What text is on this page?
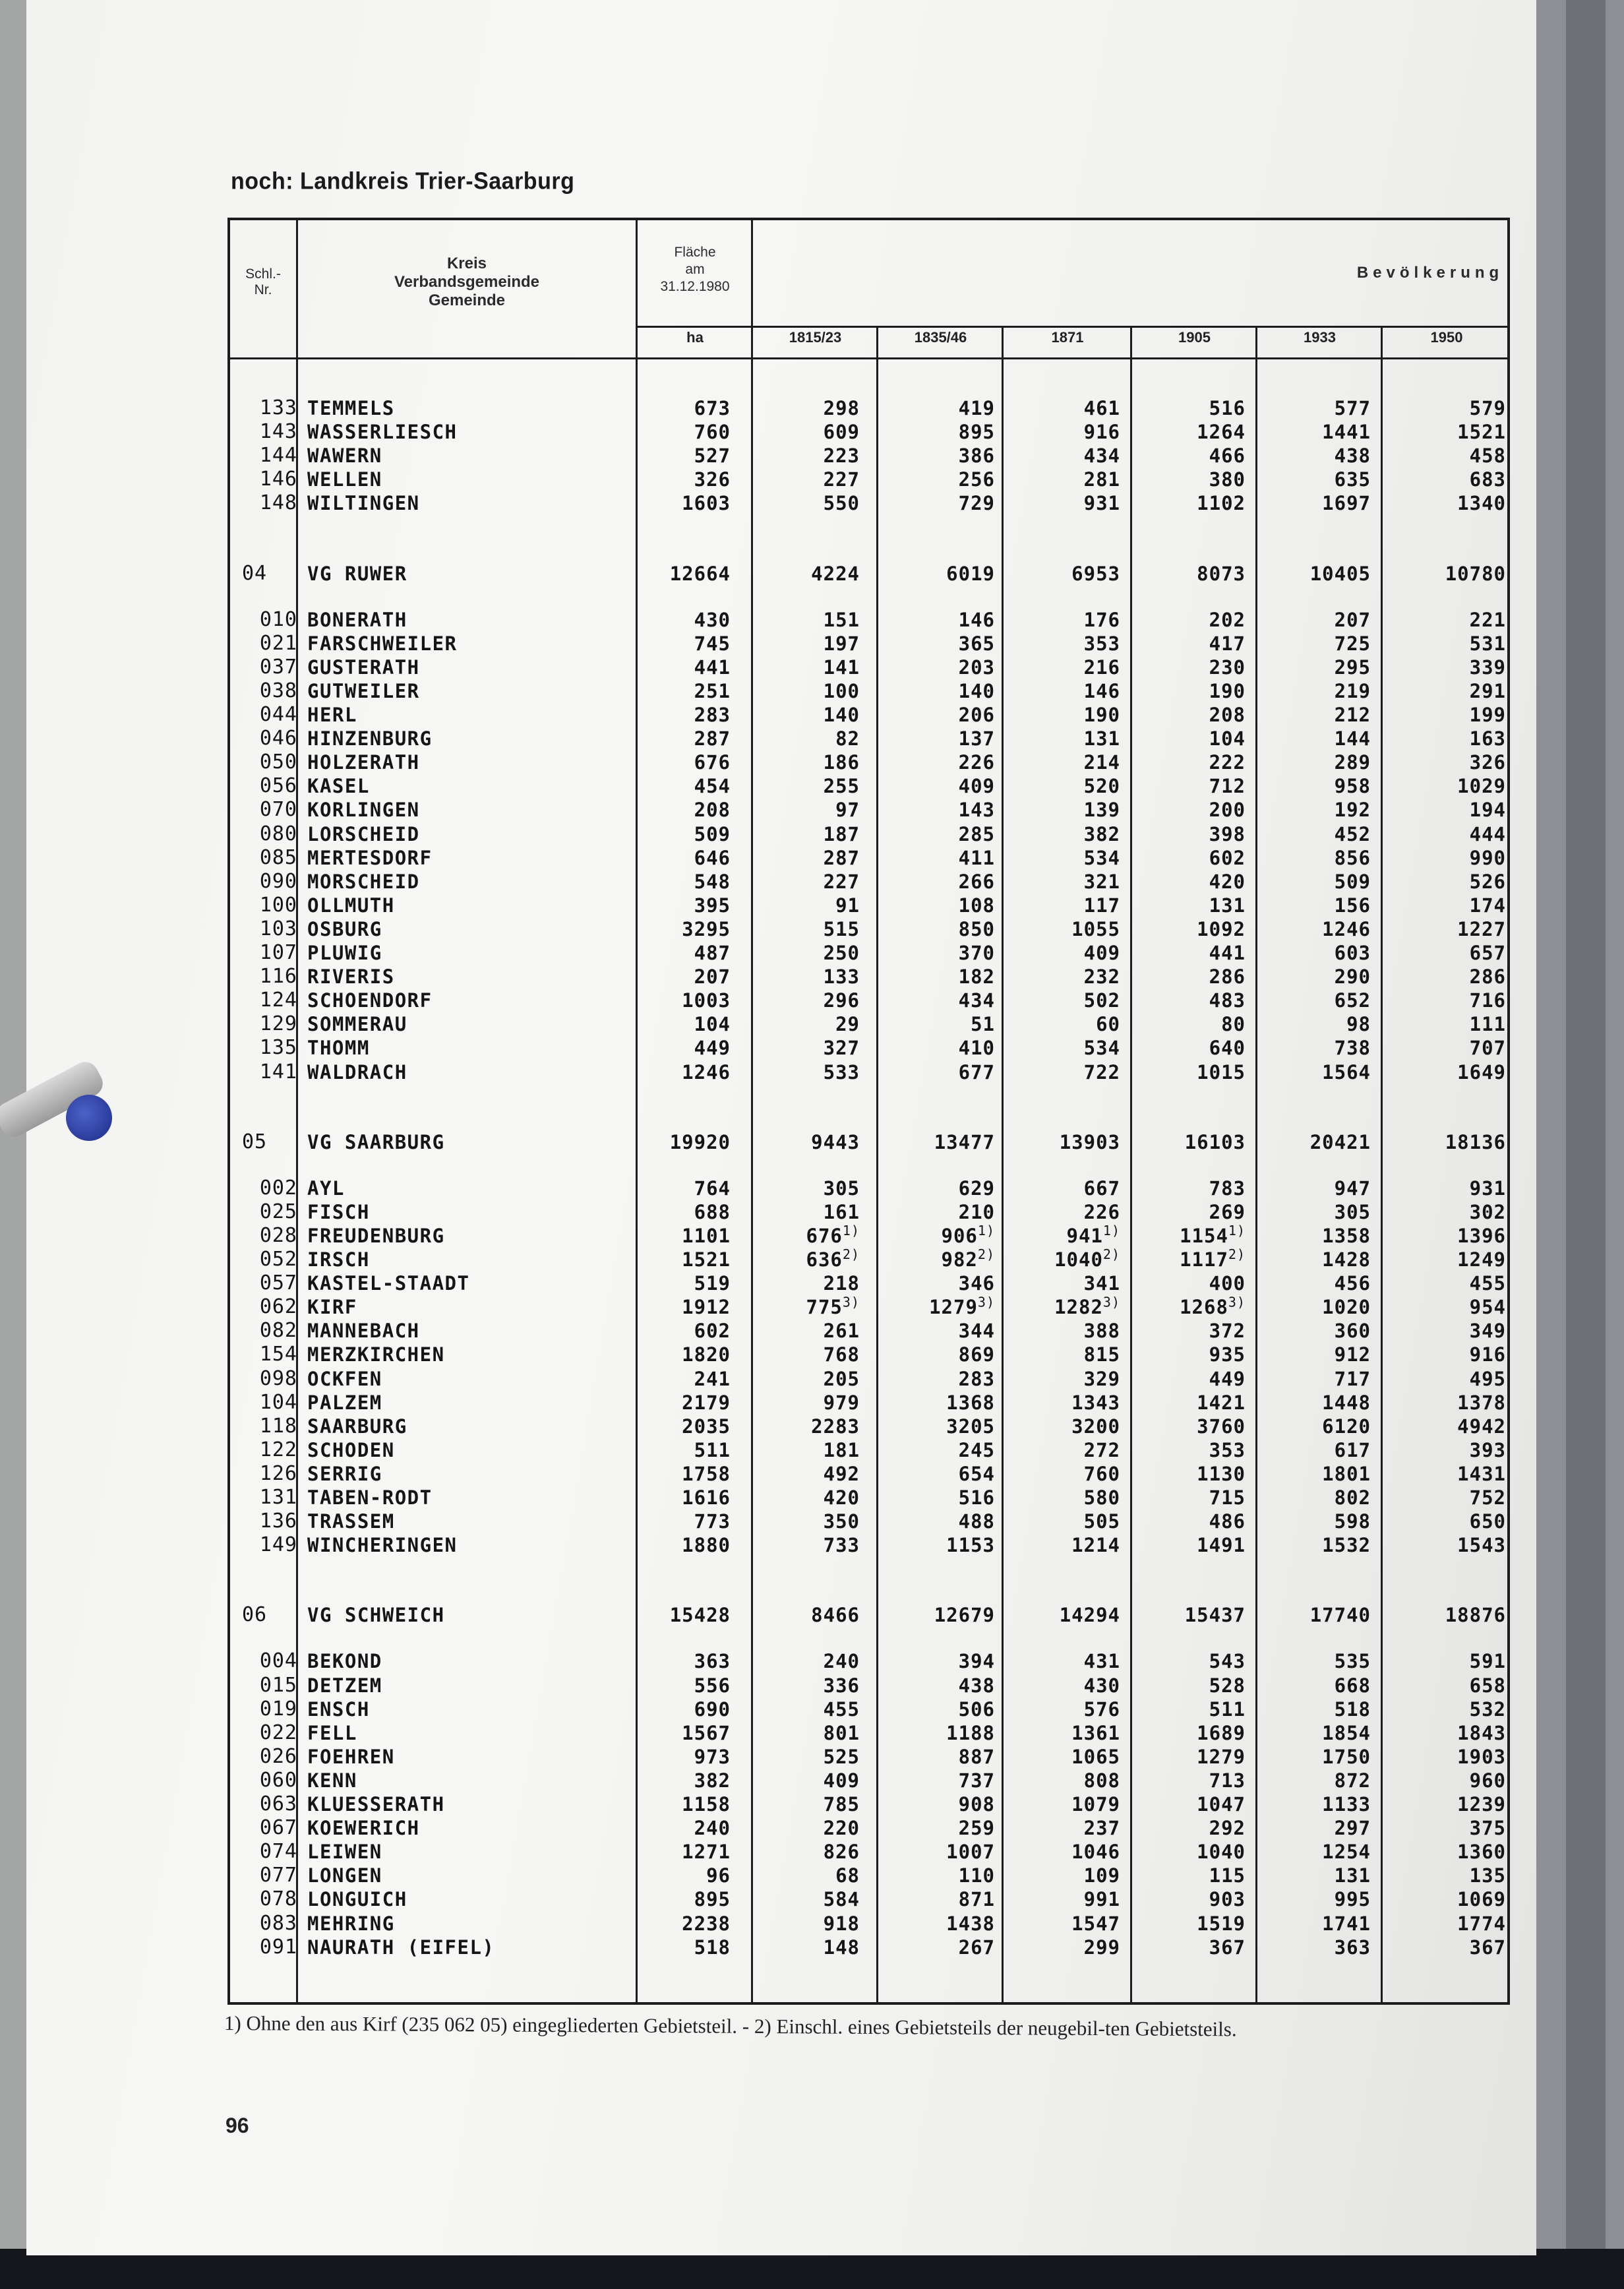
noch: Landkreis Trier-Saarburg
Schl.-
Nr.
Kreis
Verbandsgemeinde
Gemeinde
Fläche
am
31.12.1980
Bevölkerung
ha	1815/23	1835/46	1871	1905	1933	1950
133 TEMMELS	673	298	419	461	516	577	579
143 WASSERLIESCH	760	609	895	916	1264	1441	1521
144 WAWERN	527	223	386	434	466	438	458
146 WELLEN	326	227	256	281	380	635	683
148 WILTINGEN	1603	550	729	931	1102	1697	1340
04	VG RUWER	12664	4224	6019	6953	8073	10405	10780
010 BONERATH	430	151	146	176	202	207	221
021 FARSCHWEILER	745	197	365	353	417	725	531
037 GUSTERATH	441	141	203	216	230	295	339
038 GUTWEILER	251	100	140	146	190	219	291
044 HERL	283	140	206	190	208	212	199
046 HINZENBURG	287	82	137	131	104	144	163
050 HOLZERATH	676	186	226	214	222	289	326
056 KASEL	454	255	409	520	712	958	1029
070 KORLINGEN	208	97	143	139	200	192	194
080 LORSCHEID	509	187	285	382	398	452	444
085 MERTESDORF	646	287	411	534	602	856	990
090 MORSCHEID	548	227	266	321	420	509	526
100 OLLMUTH	395	91	108	117	131	156	174
103 OSBURG	3295	515	850	1055	1092	1246	1227
107 PLUWIG	487	250	370	409	441	603	657
116 RIVERIS	207	133	182	232	286	290	286
124 SCHOENDORF	1003	296	434	502	483	652	716
129 SOMMERAU	104	29	51	60	80	98	111
135 THOMM	449	327	410	534	640	738	707
141 WALDRACH	1246	533	677	722	1015	1564	1649
05	VG SAARBURG	19920	9443	13477	13903	16103	20421	18136
002 AYL	764	305	629	667	783	947	931
025 FISCH	688	161	210	226	269	305	302
028 FREUDENBURG	1101	676$^{1)}$	906$^{1)}$	941$^{1)}$	1154$^{1)}$	1358	1396
052 IRSCH	1521	636$^{2)}$	982$^{2)}$	1040$^{2)}$	1117$^{2)}$	1428	1249
057 KASTEL-STAADT	519	218	346	341	400	456	455
062 KIRF	1912	775$^{3)}$	1279$^{3)}$	1282$^{3)}$	1268$^{3)}$	1020	954
082 MANNEBACH	602	261	344	388	372	360	349
154 MERZKIRCHEN	1820	768	869	815	935	912	916
098 OCKFEN	241	205	283	329	449	717	495
104 PALZEM	2179	979	1368	1343	1421	1448	1378
118 SAARBURG	2035	2283	3205	3200	3760	6120	4942
122 SCHODEN	511	181	245	272	353	617	393
126 SERRIG	1758	492	654	760	1130	1801	1431
131 TABEN-RODT	1616	420	516	580	715	802	752
136 TRASSEM	773	350	488	505	486	598	650
149 WINCHERINGEN	1880	733	1153	1214	1491	1532	1543
06	VG SCHWEICH	15428	8466	12679	14294	15437	17740	18876
004 BEKOND	363	240	394	431	543	535	591
015 DETZEM	556	336	438	430	528	668	658
019 ENSCH	690	455	506	576	511	518	532
022 FELL	1567	801	1188	1361	1689	1854	1843
026 FOEHREN	973	525	887	1065	1279	1750	1903
060 KENN	382	409	737	808	713	872	960
063 KLUESSERATH	1158	785	908	1079	1047	1133	1239
067 KOEWERICH	240	220	259	237	292	297	375
074 LEIWEN	1271	826	1007	1046	1040	1254	1360
077 LONGEN	96	68	110	109	115	131	135
078 LONGUICH	895	584	871	991	903	995	1069
083 MEHRING	2238	918	1438	1547	1519	1741	1774
091 NAURATH (EIFEL)	518	148	267	299	367	363	367
1) Ohne den aus Kirf (235 062 05) eingegliederten Gebietsteil. - 2) Einschl. eines Gebietsteils der neugebil-ten Gebietsteils.
96
